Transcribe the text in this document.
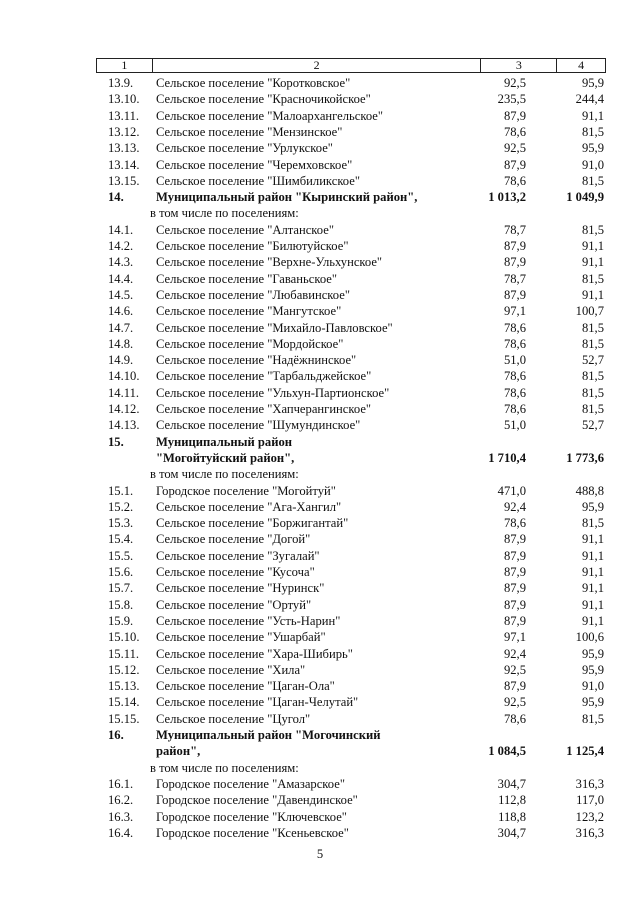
1	2	3	4
13.9. Сельское поселение "Коротковское"	92,5	95,9
13.10. Сельское поселение "Красночикойское"	235,5	244,4
13.11. Сельское поселение "Малоархангельское"	87,9	91,1
13.12. Сельское поселение "Мензинское"	78,6	81,5
13.13. Сельское поселение "Урлукское"	92,5	95,9
13.14. Сельское поселение "Черемховское"	87,9	91,0
13.15. Сельское поселение "Шимбиликское"	78,6	81,5
14.	Муниципальный район "Кыринский район",	1 013,2	1 049,9
в том числе по поселениям:
14.1. Сельское поселение "Алтанское"	78,7	81,5
14.2. Сельское поселение "Билютуйское"	87,9	91,1
14.3. Сельское поселение "Верхне-Ульхунское"	87,9	91,1
14.4. Сельское поселение "Гаваньское"	78,7	81,5
14.5. Сельское поселение "Любавинское"	87,9	91,1
14.6. Сельское поселение "Мангутское"	97,1	100,7
14.7. Сельское поселение "Михайло-Павловское"	78,6	81,5
14.8. Сельское поселение "Мордойское"	78,6	81,5
14.9. Сельское поселение "Надёжнинское"	51,0	52,7
14.10. Сельское поселение "Тарбальджейское"	78,6	81,5
14.11. Сельское поселение "Ульхун-Партионское"	78,6	81,5
14.12. Сельское поселение "Хапчерангинское"	78,6	81,5
14.13. Сельское поселение "Шумундинское"	51,0	52,7
15.	Муниципальный район
"Могойтуйский район",	1 710,4	1 773,6
в том числе по поселениям:
15.1. Городское поселение "Могойтуй"	471,0	488,8
15.2. Сельское поселение "Ага-Хангил"	92,4	95,9
15.3. Сельское поселение "Боржигантай"	78,6	81,5
15.4. Сельское поселение "Догой"	87,9	91,1
15.5. Сельское поселение "Зугалай"	87,9	91,1
15.6. Сельское поселение "Кусоча"	87,9	91,1
15.7. Сельское поселение "Нуринск"	87,9	91,1
15.8. Сельское поселение "Ортуй"	87,9	91,1
15.9. Сельское поселение "Усть-Нарин"	87,9	91,1
15.10. Сельское поселение "Ушарбай"	97,1	100,6
15.11. Сельское поселение "Хара-Шибирь"	92,4	95,9
15.12. Сельское поселение "Хила"	92,5	95,9
15.13. Сельское поселение "Цаган-Ола"	87,9	91,0
15.14. Сельское поселение "Цаган-Челутай"	92,5	95,9
15.15. Сельское поселение "Цугол"	78,6	81,5
16.	Муниципальный район "Могочинский
район",	1 084,5	1 125,4
в том числе по поселениям:
16.1. Городское поселение "Амазарское"	304,7	316,3
16.2. Городское поселение "Давендинское"	112,8	117,0
16.3. Городское поселение "Ключевское"	118,8	123,2
16.4. Городское поселение "Ксеньевское"	304,7	316,3
5
